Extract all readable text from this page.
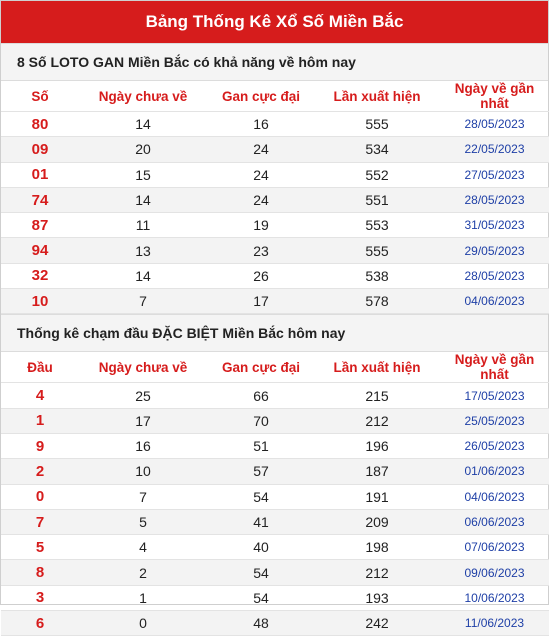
Bảng Thống Kê Xổ Số Miền Bắc
8 Số LOTO GAN Miền Bắc có khả năng về hôm nay
Số	Ngày chưa về	Gan cực đại	Lần xuất hiện	Ngày về gần nhất
80	14	16	555	28/05/2023
09	20	24	534	22/05/2023
01	15	24	552	27/05/2023
74	14	24	551	28/05/2023
87	11	19	553	31/05/2023
94	13	23	555	29/05/2023
32	14	26	538	28/05/2023
10	7	17	578	04/06/2023
Thống kê chạm đầu ĐẶC BIỆT Miền Bắc hôm nay
Đầu	Ngày chưa về	Gan cực đại	Lần xuất hiện	Ngày về gần nhất
4	25	66	215	17/05/2023
1	17	70	212	25/05/2023
9	16	51	196	26/05/2023
2	10	57	187	01/06/2023
0	7	54	191	04/06/2023
7	5	41	209	06/06/2023
5	4	40	198	07/06/2023
8	2	54	212	09/06/2023
3	1	54	193	10/06/2023
6	0	48	242	11/06/2023
